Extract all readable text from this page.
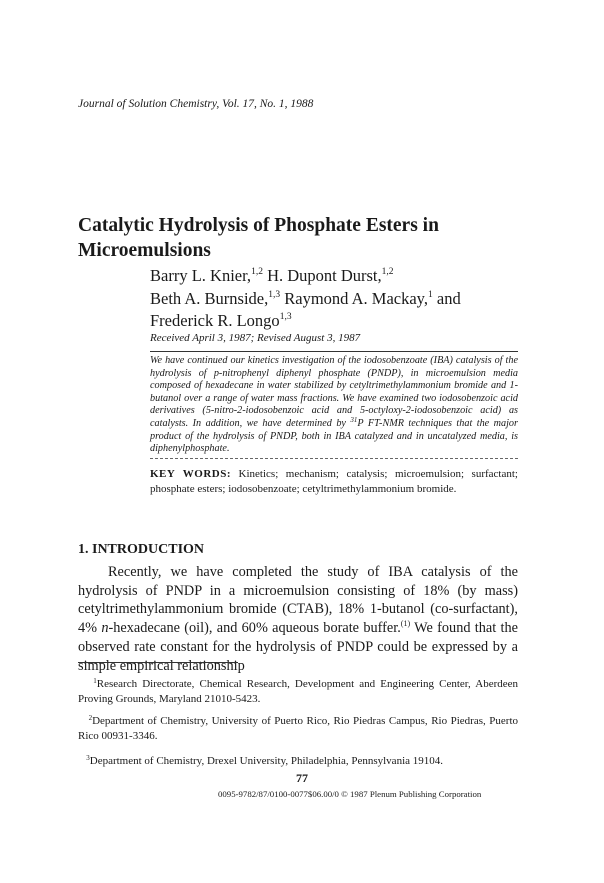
Journal of Solution Chemistry, Vol. 17, No. 1, 1988
Catalytic Hydrolysis of Phosphate Esters in Microemulsions
Barry L. Knier,$^{1,2}$ H. Dupont Durst,$^{1,2}$
Beth A. Burnside,$^{1,3}$ Raymond A. Mackay,$^1$ and
Frederick R. Longo$^{1,3}$
Received April 3, 1987; Revised August 3, 1987
We have continued our kinetics investigation of the iodosobenzoate (IBA) catalysis of the hydrolysis of p-nitrophenyl diphenyl phosphate (PNDP), in microemulsion media composed of hexadecane in water stabilized by cetyltrimethylammonium bromide and 1-butanol over a range of water mass fractions. We have examined two iodosobenzoic acid derivatives (5-nitro-2-iodosobenzoic acid and 5-octyloxy-2-iodosobenzoic acid) as catalysts. In addition, we have determined by $^{31}$P FT-NMR techniques that the major product of the hydrolysis of PNDP, both in IBA catalyzed and in uncatalyzed media, is diphenylphosphate.
KEY WORDS: Kinetics; mechanism; catalysis; microemulsion; surfactant; phosphate esters; iodosobenzoate; cetyltrimethylammonium bromide.
1. INTRODUCTION

Recently, we have completed the study of IBA catalysis of the hydrolysis of PNDP in a microemulsion consisting of 18% (by mass) cetyltrimethylammonium bromide (CTAB), 18% 1-butanol (co-surfactant), 4% n-hexadecane (oil), and 60% aqueous borate buffer.$^{(1)}$ We found that the observed rate constant for the hydrolysis of PNDP could be expressed by a simple empirical relationship

$^1$Research Directorate, Chemical Research, Development and Engineering Center, Aberdeen Proving Grounds, Maryland 21010-5423.
$^2$Department of Chemistry, University of Puerto Rico, Rio Piedras Campus, Rio Piedras, Puerto Rico 00931-3346.
$^3$Department of Chemistry, Drexel University, Philadelphia, Pennsylvania 19104.
77
0095-9782/87/0100-0077$06.00/0 © 1987 Plenum Publishing Corporation
